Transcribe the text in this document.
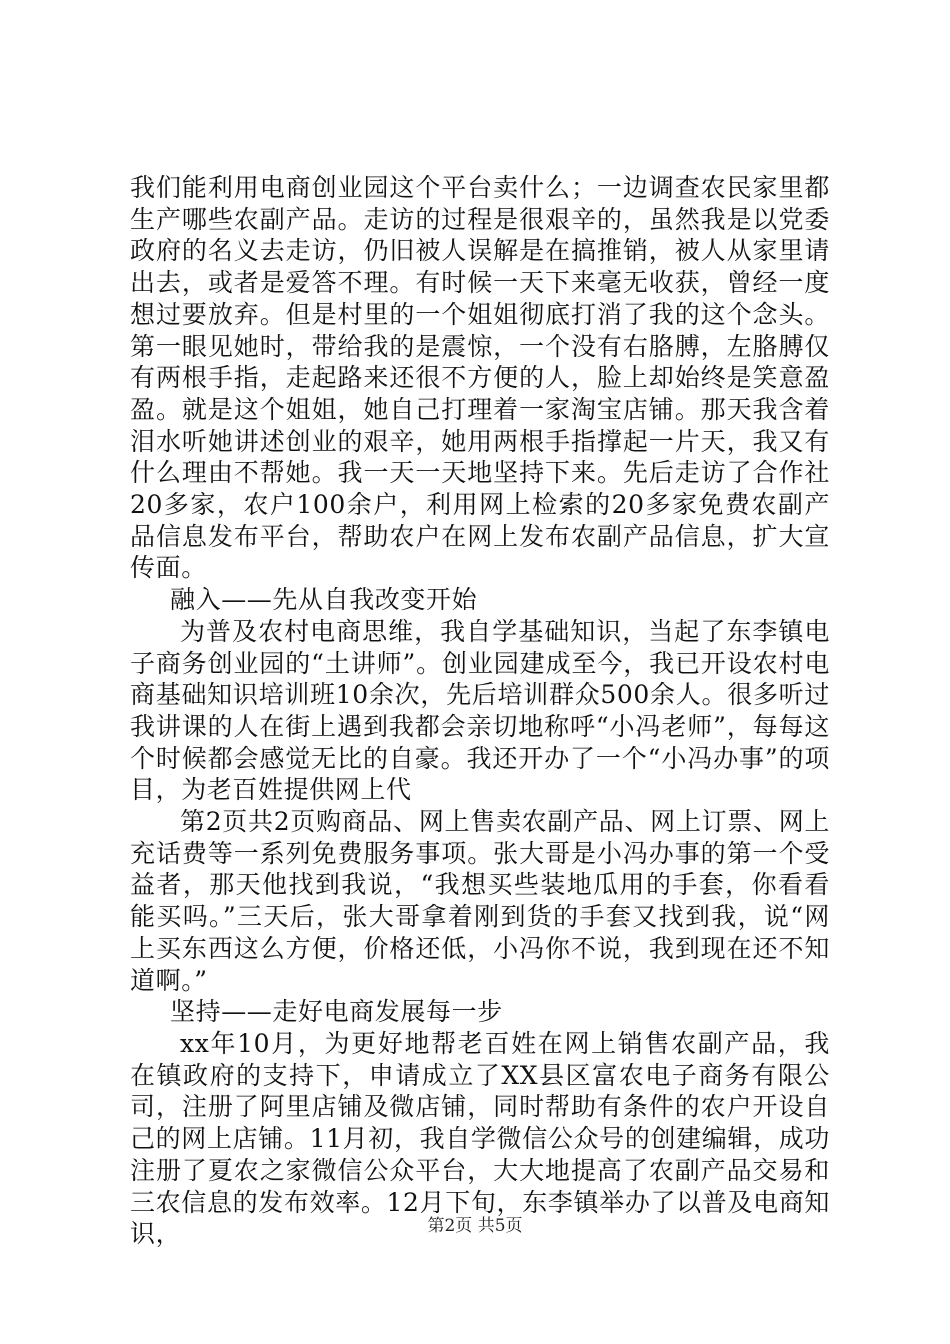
我们能利用电商创业园这个平台卖什么；一边调查农民家里都生产哪些农副产品。走访的过程是很艰辛的，虽然我是以党委政府的名义去走访，仍旧被人误解是在搞推销，被人从家里请出去，或者是爱答不理。有时候一天下来毫无收获，曾经一度想过要放弃。但是村里的一个姐姐彻底打消了我的这个念头。第一眼见她时，带给我的是震惊，一个没有右胳膊，左胳膊仅有两根手指，走起路来还很不方便的人，脸上却始终是笑意盈盈。就是这个姐姐，她自己打理着一家淘宝店铺。那天我含着泪水听她讲述创业的艰辛，她用两根手指撑起一片天，我又有什么理由不帮她。我一天一天地坚持下来。先后走访了合作社20多家，农户100余户，利用网上检索的20多家免费农副产品信息发布平台，帮助农户在网上发布农副产品信息，扩大宣传面。

融入——先从自我改变开始

为普及农村电商思维，我自学基础知识，当起了东李镇电子商务创业园的“土讲师”。创业园建成至今，我已开设农村电商基础知识培训班10余次，先后培训群众500余人。很多听过我讲课的人在街上遇到我都会亲切地称呼“小冯老师”，每每这个时候都会感觉无比的自豪。我还开办了一个“小冯办事”的项目，为老百姓提供网上代

第2页共2页购商品、网上售卖农副产品、网上订票、网上充话费等一系列免费服务事项。张大哥是小冯办事的第一个受益者，那天他找到我说，“我想买些装地瓜用的手套，你看看能买吗。”三天后，张大哥拿着刚到货的手套又找到我，说“网上买东西这么方便，价格还低，小冯你不说，我到现在还不知道啊。”

坚持——走好电商发展每一步

xx年10月，为更好地帮老百姓在网上销售农副产品，我在镇政府的支持下，申请成立了XX县区富农电子商务有限公司，注册了阿里店铺及微店铺，同时帮助有条件的农户开设自己的网上店铺。11月初，我自学微信公众号的创建编辑，成功注册了夏农之家微信公众平台，大大地提高了农副产品交易和三农信息的发布效率。12月下旬，东李镇举办了以普及电商知识，	第2页 共5页
